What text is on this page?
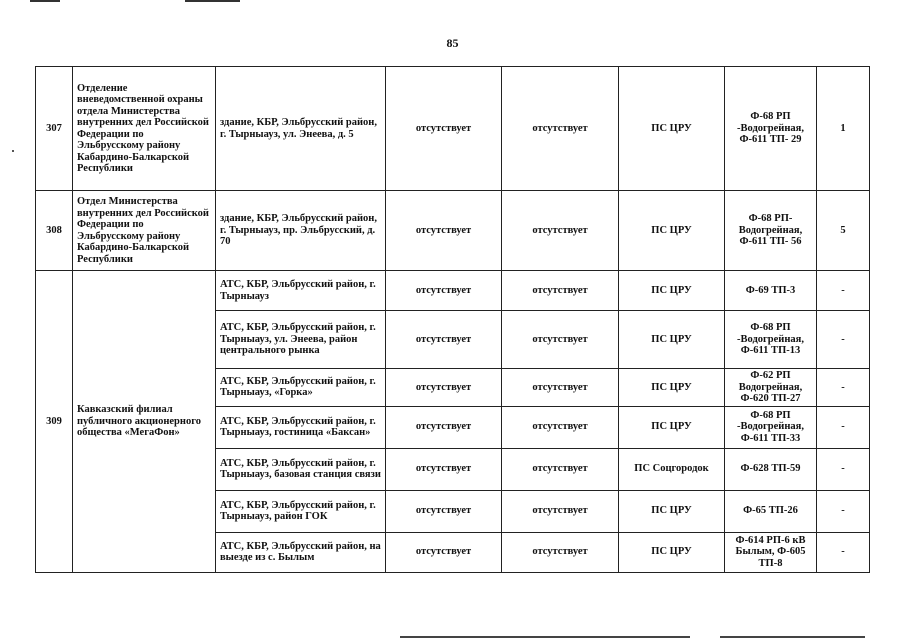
85
307	Отделение вневедомственной охраны отдела Министерства внутренних дел Российской Федерации по Эльбрусскому району Кабардино-Балкарской Республики	здание, КБР, Эльбрусский район, г. Тырныауз, ул. Энеева, д. 5	отсутствует	отсутствует	ПС ЦРУ	Ф-68 РП -Водогрейная, Ф-611 ТП- 29	1
308	Отдел Министерства внутренних дел Российской Федерации по Эльбрусскому району Кабардино-Балкарской Республики	здание, КБР, Эльбрусский район, г. Тырныауз, пр. Эльбрусский, д. 70	отсутствует	отсутствует	ПС ЦРУ	Ф-68 РП- Водогрейная, Ф-611 ТП- 56	5
309	Кавказский филиал публичного акционерного общества «МегаФон»	АТС, КБР, Эльбрусский район, г. Тырныауз	отсутствует	отсутствует	ПС ЦРУ	Ф-69 ТП-3	-
		АТС, КБР, Эльбрусский район, г. Тырныауз, ул. Энеева, район центрального рынка	отсутствует	отсутствует	ПС ЦРУ	Ф-68 РП -Водогрейная, Ф-611 ТП-13	-
		АТС, КБР, Эльбрусский район, г. Тырныауз, «Горка»	отсутствует	отсутствует	ПС ЦРУ	Ф-62 РП Водогрейная, Ф-620 ТП-27	-
		АТС, КБР, Эльбрусский район, г. Тырныауз, гостиница «Баксан»	отсутствует	отсутствует	ПС ЦРУ	Ф-68 РП -Водогрейная, Ф-611 ТП-33	-
		АТС, КБР, Эльбрусский район, г. Тырныауз, базовая станция связи	отсутствует	отсутствует	ПС Соцгородок	Ф-628 ТП-59	-
		АТС, КБР, Эльбрусский район, г. Тырныауз, район ГОК	отсутствует	отсутствует	ПС ЦРУ	Ф-65 ТП-26	-
		АТС, КБР, Эльбрусский район, на выезде из с. Былым	отсутствует	отсутствует	ПС ЦРУ	Ф-614 РП-6 кВ Былым, Ф-605 ТП-8	-
